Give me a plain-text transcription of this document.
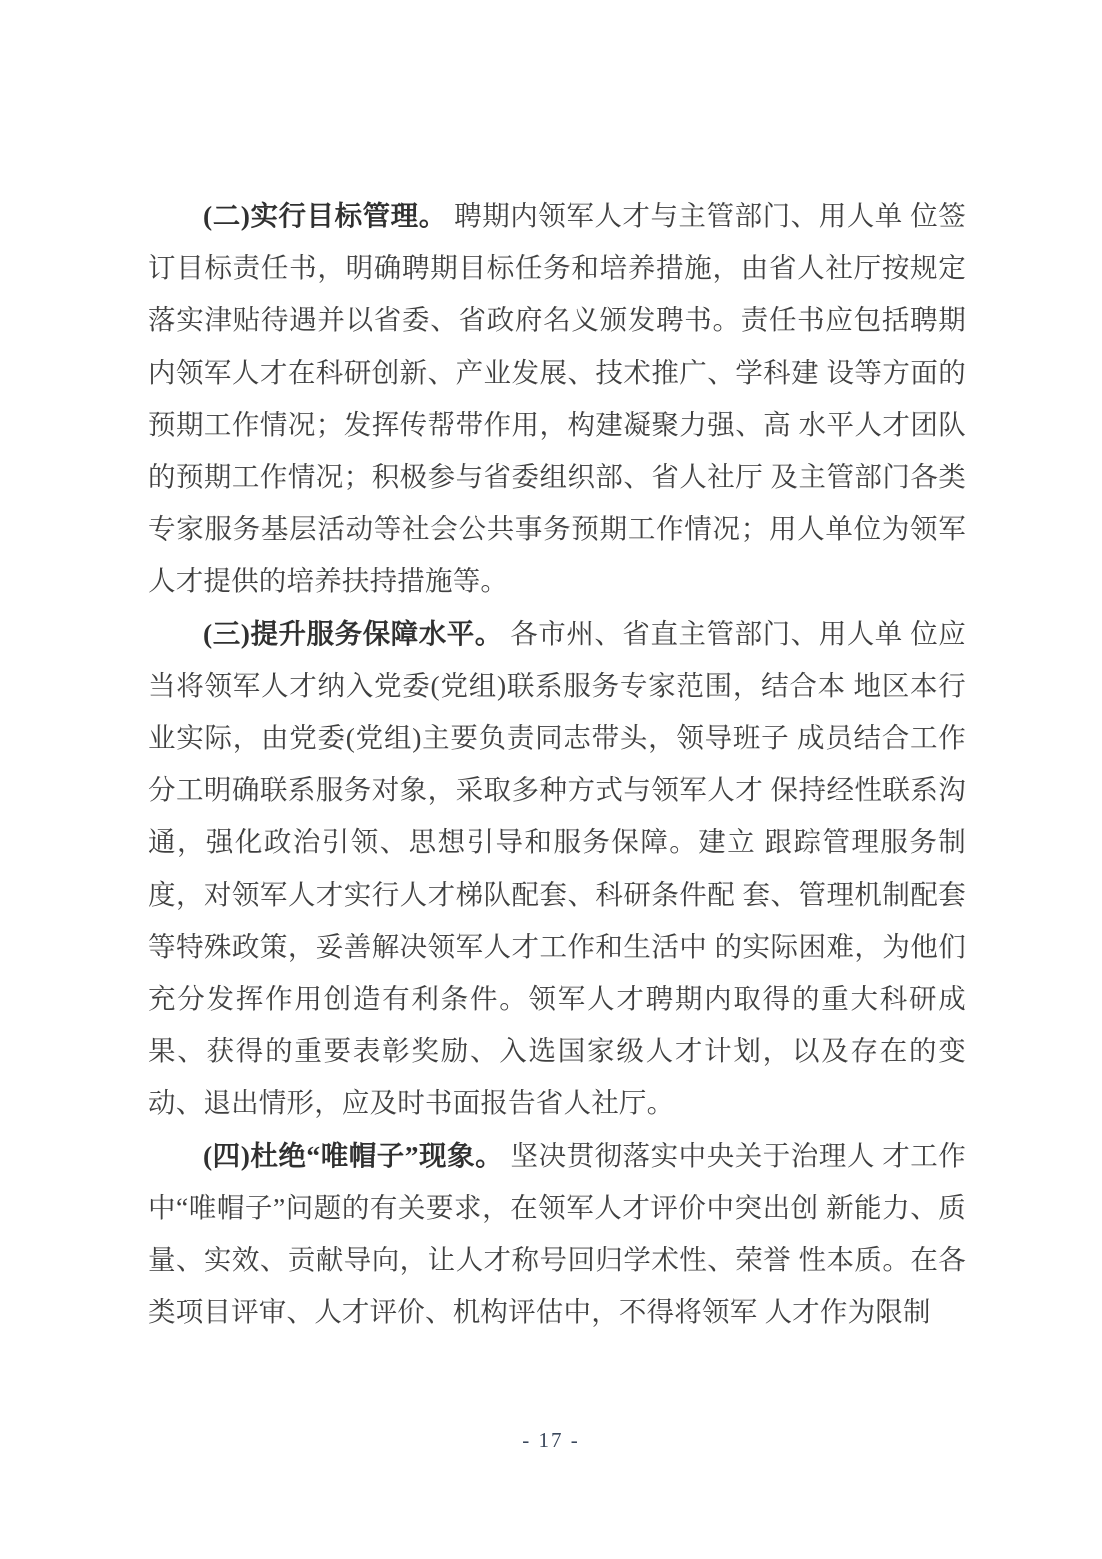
(二)实行目标管理。 聘期内领军人才与主管部门、用人单 位签订目标责任书，明确聘期目标任务和培养措施，由省人社厅按规定落实津贴待遇并以省委、省政府名义颁发聘书。责任书应包括聘期内领军人才在科研创新、产业发展、技术推广、学科建 设等方面的预期工作情况；发挥传帮带作用，构建凝聚力强、高 水平人才团队的预期工作情况；积极参与省委组织部、省人社厅 及主管部门各类专家服务基层活动等社会公共事务预期工作情况；用人单位为领军人才提供的培养扶持措施等。

(三)提升服务保障水平。 各市州、省直主管部门、用人单 位应当将领军人才纳入党委(党组)联系服务专家范围，结合本 地区本行业实际，由党委(党组)主要负责同志带头，领导班子 成员结合工作分工明确联系服务对象，采取多种方式与领军人才 保持经性联系沟通，强化政治引领、思想引导和服务保障。建立 跟踪管理服务制度，对领军人才实行人才梯队配套、科研条件配 套、管理机制配套等特殊政策，妥善解决领军人才工作和生活中 的实际困难，为他们充分发挥作用创造有利条件。领军人才聘期内取得的重大科研成果、获得的重要表彰奖励、入选国家级人才计划，以及存在的变动、退出情形，应及时书面报告省人社厅。

(四)杜绝“唯帽子”现象。 坚决贯彻落实中央关于治理人 才工作中“唯帽子”问题的有关要求，在领军人才评价中突出创 新能力、质量、实效、贡献导向，让人才称号回归学术性、荣誉 性本质。在各类项目评审、人才评价、机构评估中，不得将领军 人才作为限制

- 17 -
